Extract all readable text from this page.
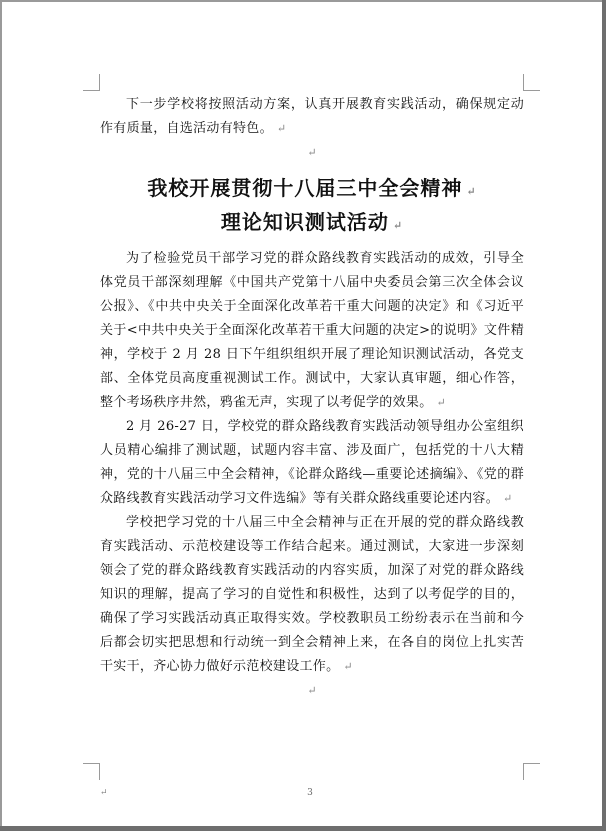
下一步学校将按照活动方案，认真开展教育实践活动，确保规定动作有质量，自选活动有特色。 ↵

↵
我校开展贯彻十八届三中全会精神 ↵
理论知识测试活动 ↵

为了检验党员干部学习党的群众路线教育实践活动的成效，引导全体党员干部深刻理解《中国共产党第十八届中央委员会第三次全体会议公报》、《中共中央关于全面深化改革若干重大问题的决定》和《习近平关于<中共中央关于全面深化改革若干重大问题的决定>的说明》文件精神，学校于 2 月 28 日下午组织组织开展了理论知识测试活动，各党支部、全体党员高度重视测试工作。测试中，大家认真审题，细心作答，整个考场秩序井然，鸦雀无声，实现了以考促学的效果。 ↵

2 月 26-27 日，学校党的群众路线教育实践活动领导组办公室组织人员精心编排了测试题，试题内容丰富、涉及面广，包括党的十八大精神，党的十八届三中全会精神，《论群众路线—重要论述摘编》、《党的群众路线教育实践活动学习文件选编》等有关群众路线重要论述内容。 ↵

学校把学习党的十八届三中全会精神与正在开展的党的群众路线教育实践活动、示范校建设等工作结合起来。通过测试，大家进一步深刻领会了党的群众路线教育实践活动的内容实质，加深了对党的群众路线知识的理解，提高了学习的自觉性和积极性，达到了以考促学的目的，确保了学习实践活动真正取得实效。学校教职员工纷纷表示在当前和今后都会切实把思想和行动统一到全会精神上来，在各自的岗位上扎实苦干实干，齐心协力做好示范校建设工作。 ↵

↵
↵	3
